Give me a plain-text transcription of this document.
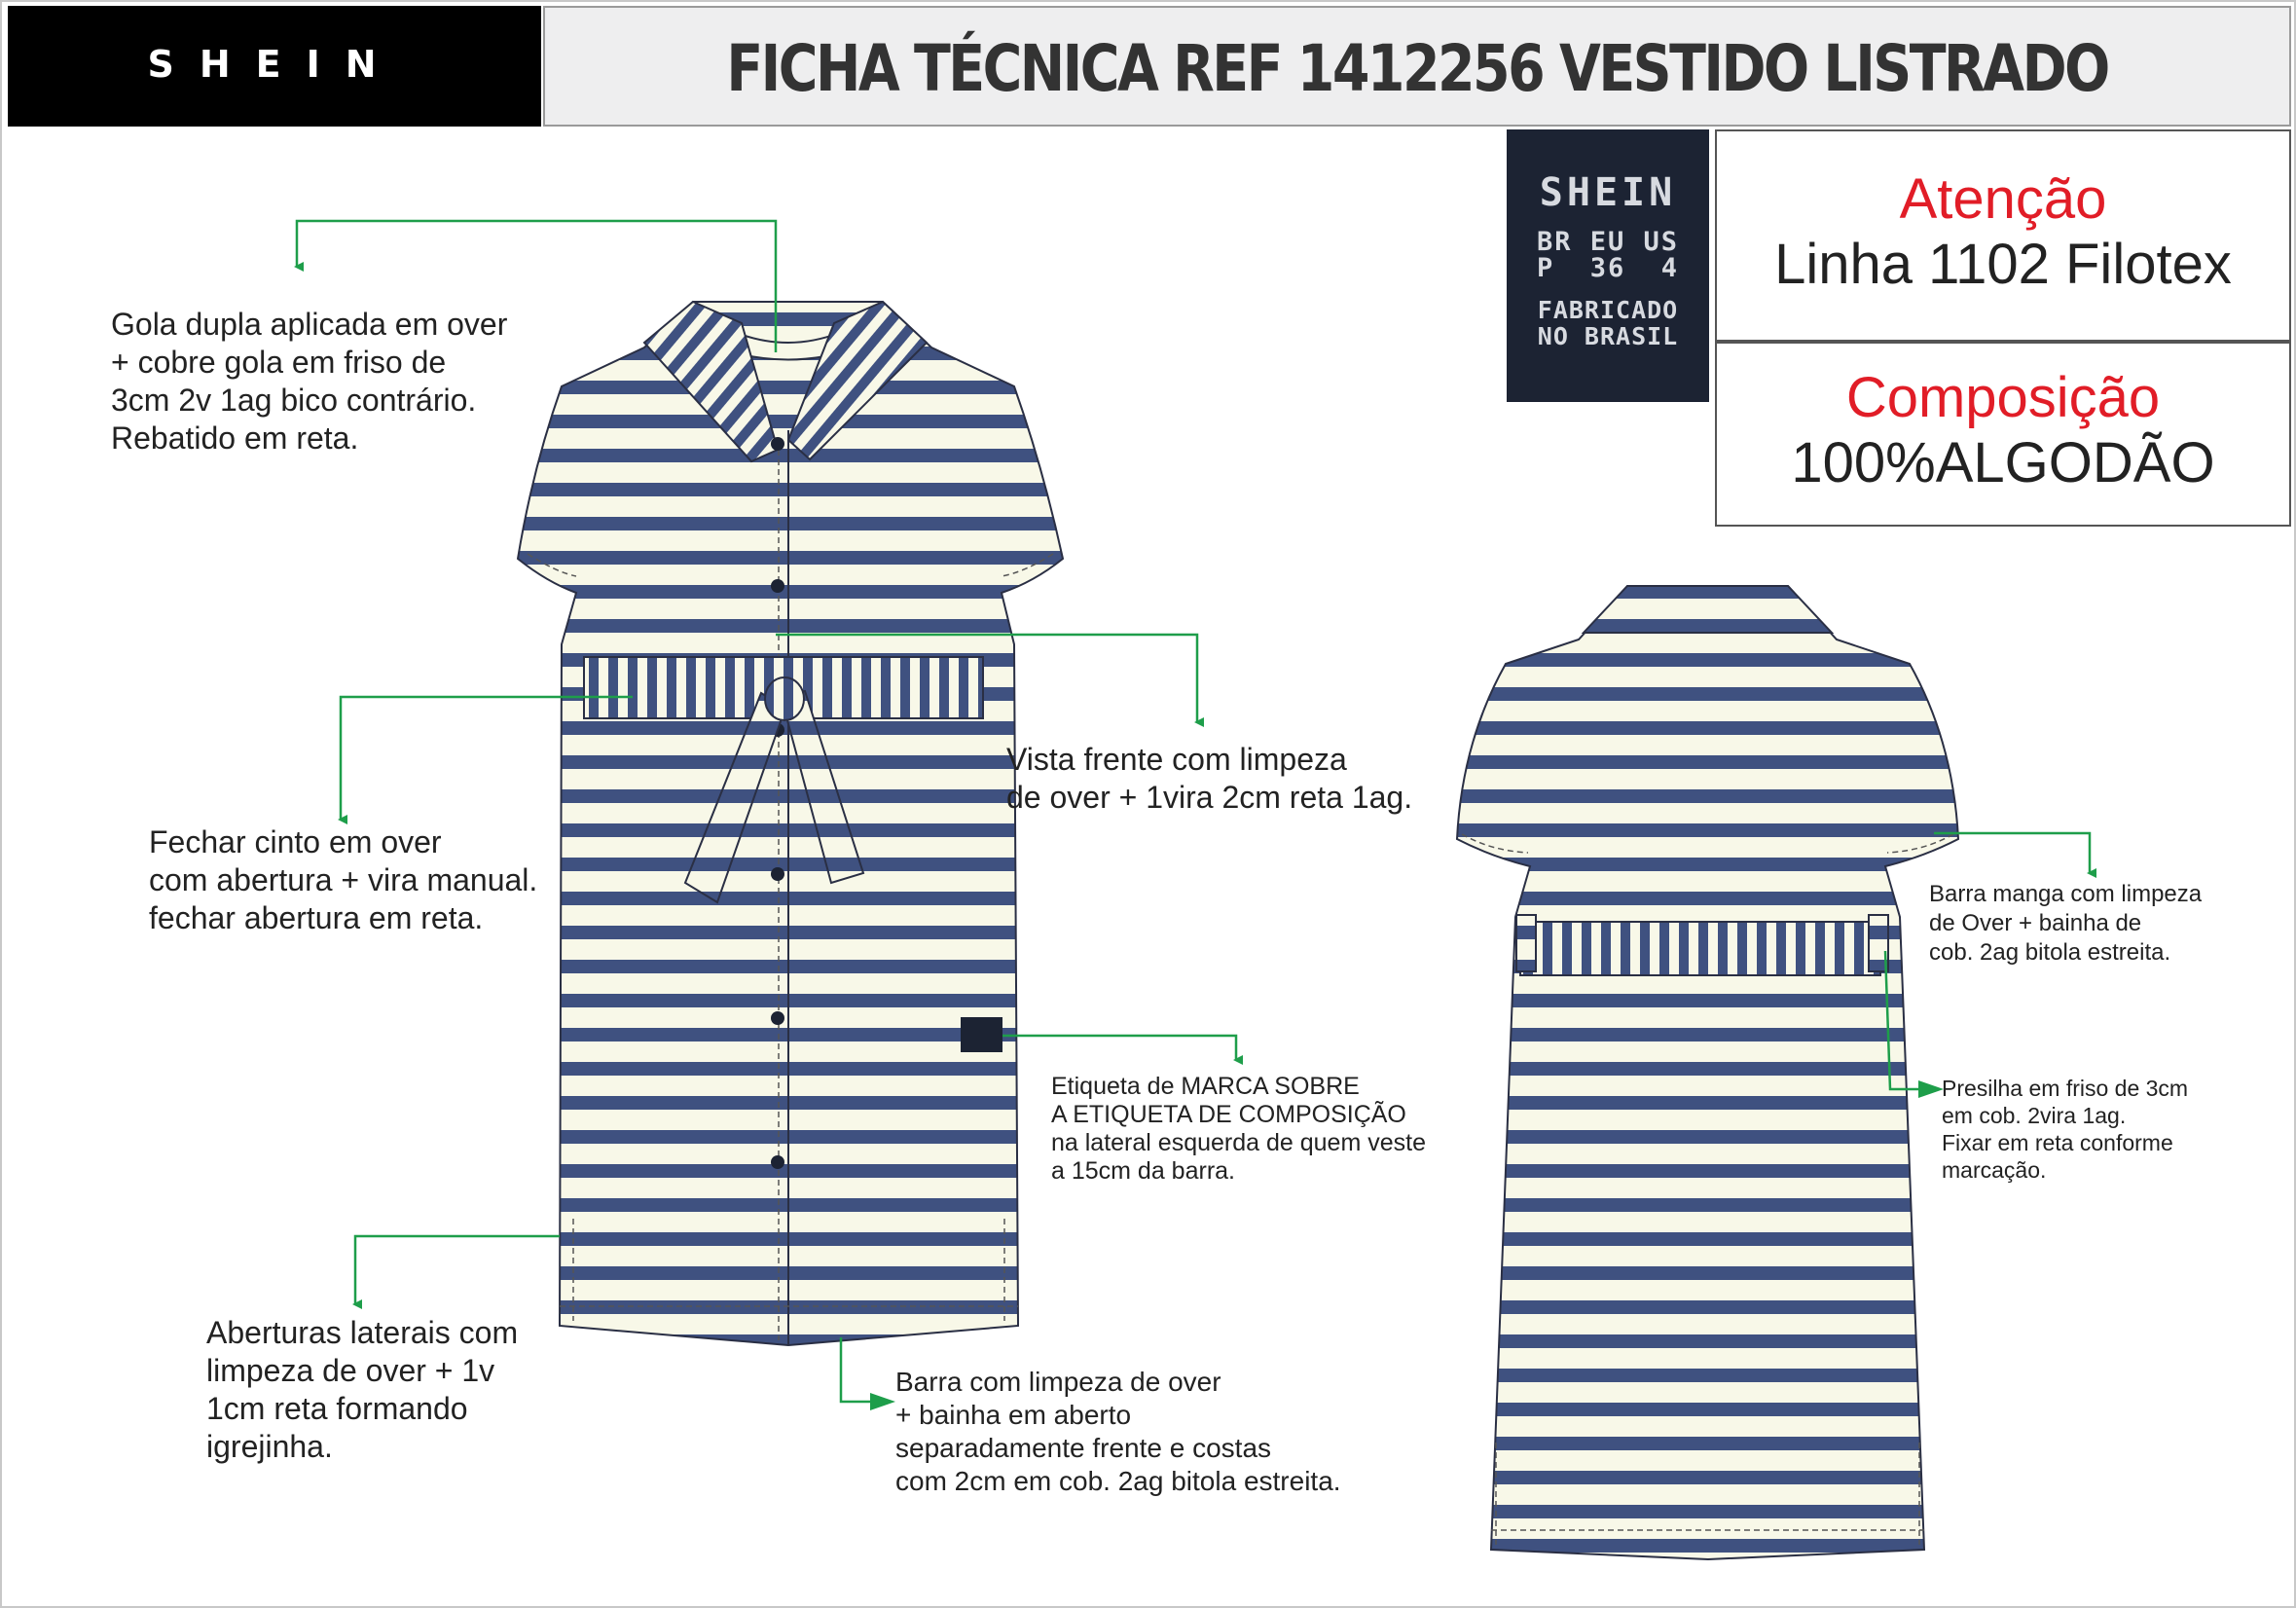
SHEIN	FICHA TÉCNICA REF 1412256 VESTIDO LISTRADO
SHEIN
BR EU US
P  36  4
FABRICADO
NO BRASIL
Atenção
Linha 1102 Filotex
Composição
100%ALGODÃO
Gola dupla aplicada em over
+ cobre gola em friso de
3cm 2v 1ag bico contrário.
Rebatido em reta.
Vista frente com limpeza
de over + 1vira 2cm reta 1ag.
Fechar cinto em over
com abertura + vira manual.
fechar abertura em reta.
Etiqueta de MARCA SOBRE
A ETIQUETA DE COMPOSIÇÃO
na lateral esquerda de quem veste
a 15cm da barra.
Aberturas laterais com
limpeza de over + 1v
1cm reta formando
igrejinha.
Barra com limpeza de over
+ bainha em aberto
separadamente frente e costas
com 2cm em cob. 2ag bitola estreita.
Barra manga com limpeza
de Over + bainha de
cob. 2ag bitola estreita.
Presilha em friso de 3cm
em cob. 2vira 1ag.
Fixar em reta conforme
marcação.
